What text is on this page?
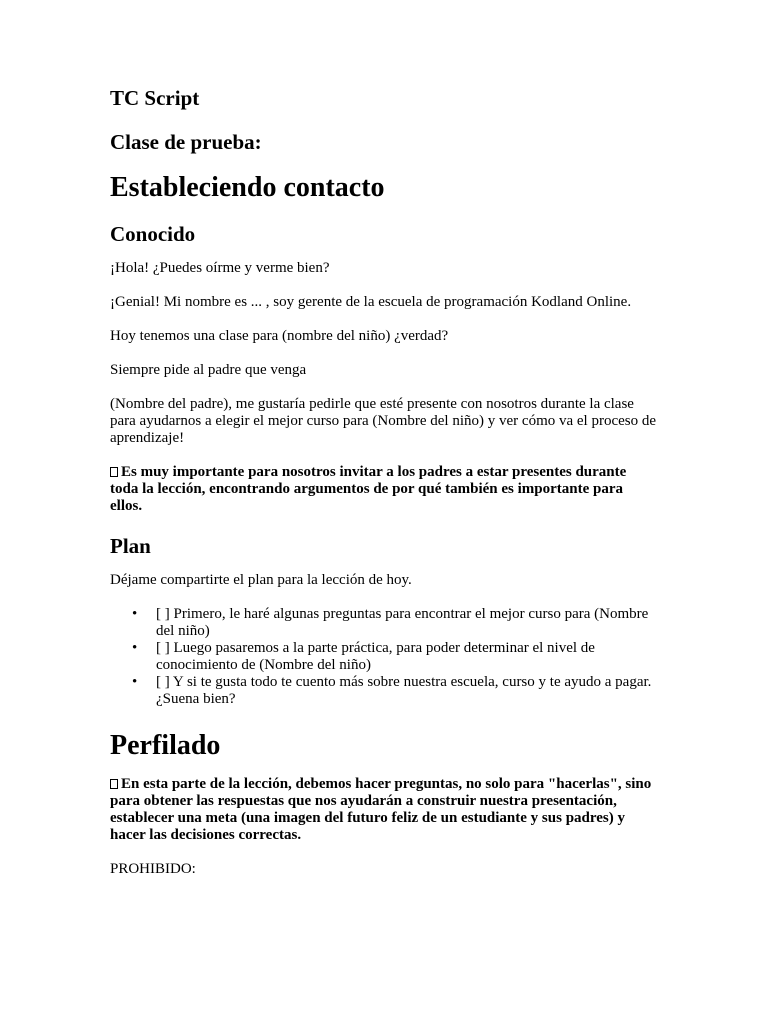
TC Script
Clase de prueba:
Estableciendo contacto
Conocido

¡Hola! ¿Puedes oírme y verme bien?

¡Genial! Mi nombre es ... , soy gerente de la escuela de programación Kodland Online.

Hoy tenemos una clase para (nombre del niño) ¿verdad?

Siempre pide al padre que venga

(Nombre del padre), me gustaría pedirle que esté presente con nosotros durante la clase para ayudarnos a elegir el mejor curso para (Nombre del niño) y ver cómo va el proceso de aprendizaje!

Es muy importante para nosotros invitar a los padres a estar presentes durante toda la lección, encontrando argumentos de por qué también es importante para ellos.

Plan

Déjame compartirte el plan para la lección de hoy.

• [ ] Primero, le haré algunas preguntas para encontrar el mejor curso para (Nombre del niño)
• [ ] Luego pasaremos a la parte práctica, para poder determinar el nivel de conocimiento de (Nombre del niño)
• [ ] Y si te gusta todo te cuento más sobre nuestra escuela, curso y te ayudo a pagar. ¿Suena bien?
Perfilado

En esta parte de la lección, debemos hacer preguntas, no solo para "hacerlas", sino para obtener las respuestas que nos ayudarán a construir nuestra presentación, establecer una meta (una imagen del futuro feliz de un estudiante y sus padres) y hacer las decisiones correctas.

PROHIBIDO:
